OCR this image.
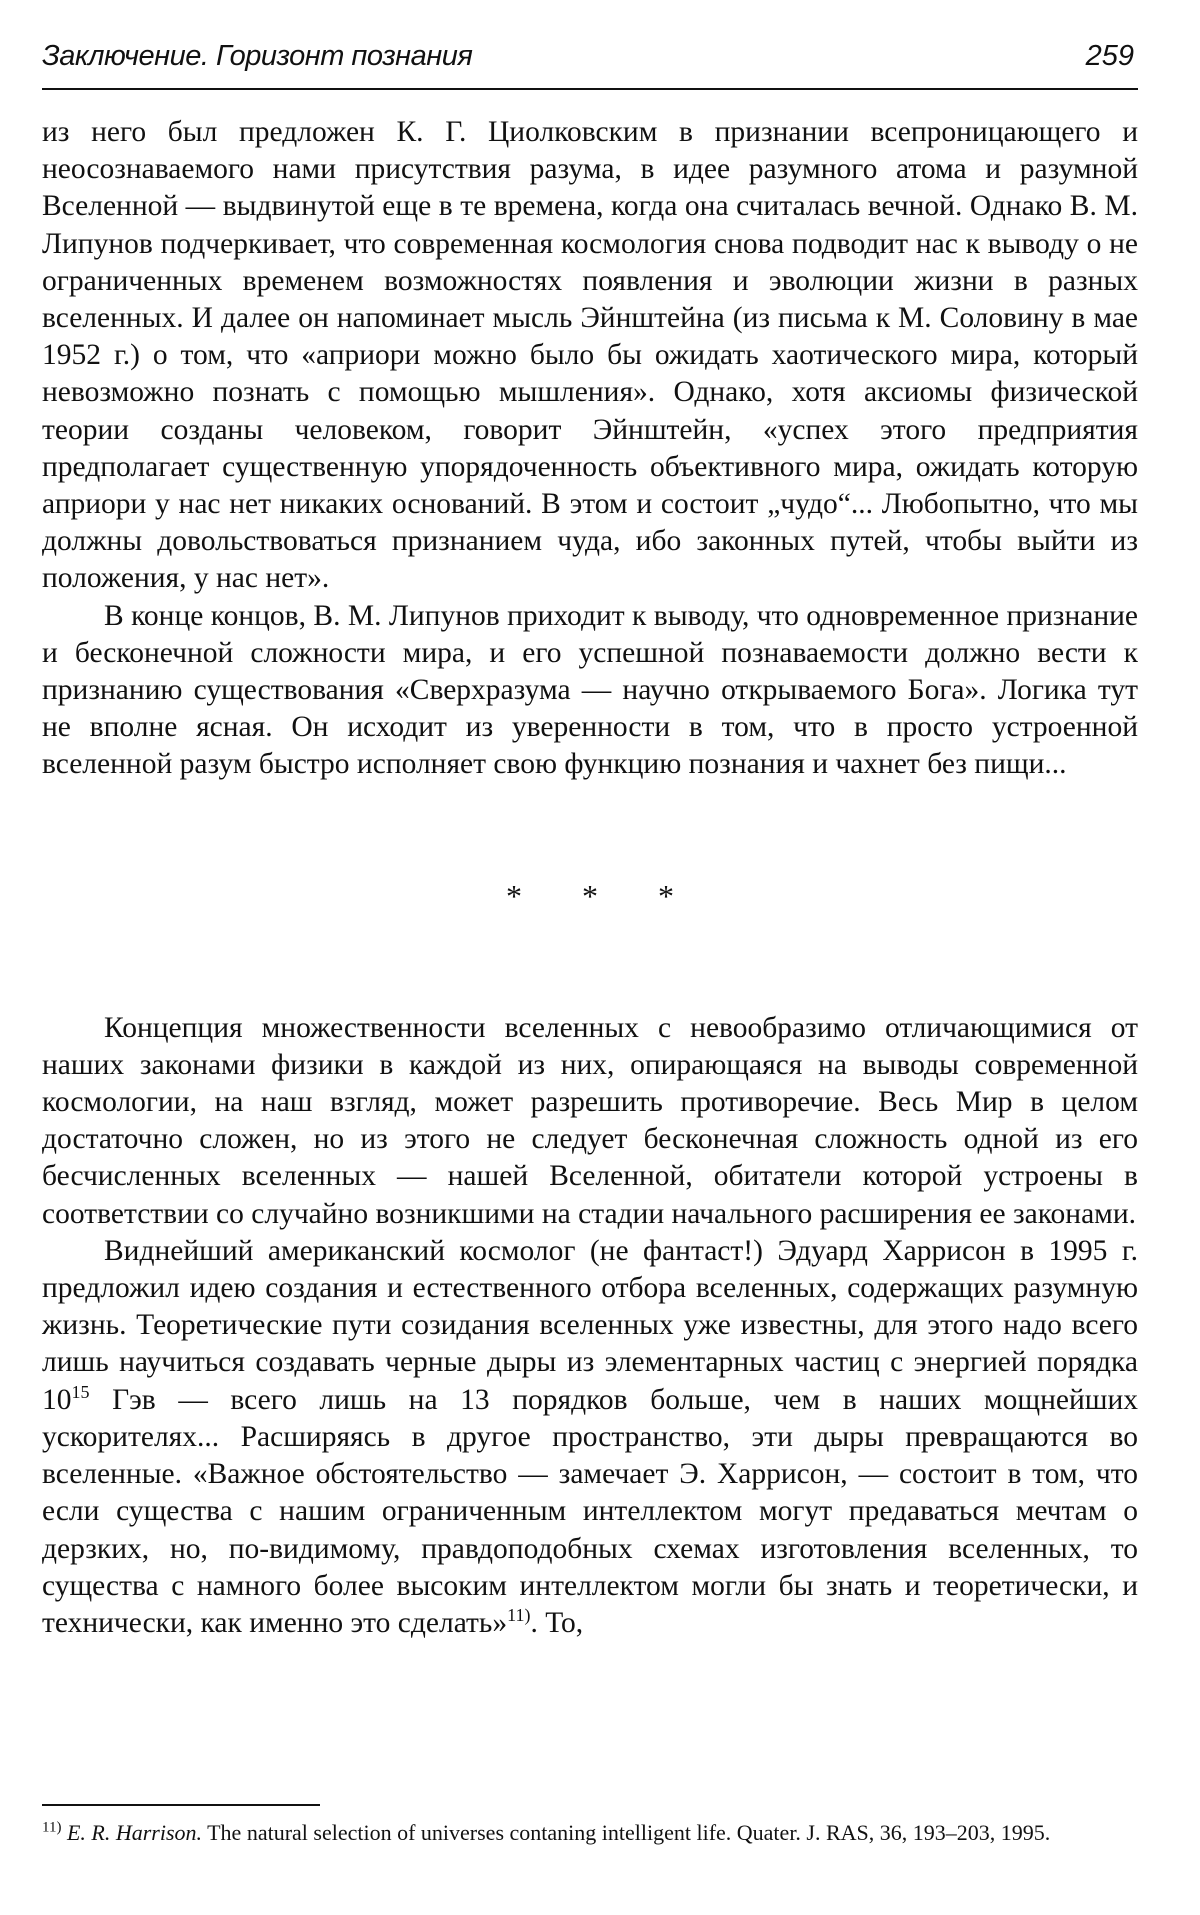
Заключение. Горизонт познания	259

из него был предложен К. Г. Циолковским в признании всепроницающего и неосознаваемого нами присутствия разума, в идее разумного атома и разумной Вселенной — выдвинутой еще в те времена, когда она считалась вечной. Однако В. М. Липунов подчеркивает, что современная космология снова подводит нас к выводу о не ограниченных временем возможностях появления и эволюции жизни в разных вселенных. И далее он напоминает мысль Эйнштейна (из письма к М. Соловину в мае 1952 г.) о том, что «априори можно было бы ожидать хаотического мира, который невозможно познать с помощью мышления». Однако, хотя аксиомы физической теории созданы человеком, говорит Эйнштейн, «успех этого предприятия предполагает существенную упорядоченность объективного мира, ожидать которую априори у нас нет никаких оснований. В этом и состоит „чудо“... Любопытно, что мы должны довольствоваться признанием чуда, ибо законных путей, чтобы выйти из положения, у нас нет».

В конце концов, В. М. Липунов приходит к выводу, что одновременное признание и бесконечной сложности мира, и его успешной познаваемости должно вести к признанию существования «Сверхразума — научно открываемого Бога». Логика тут не вполне ясная. Он исходит из уверенности в том, что в просто устроенной вселенной разум быстро исполняет свою функцию познания и чахнет без пищи...

* * *

Концепция множественности вселенных с невообразимо отличающимися от наших законами физики в каждой из них, опирающаяся на выводы современной космологии, на наш взгляд, может разрешить противоречие. Весь Мир в целом достаточно сложен, но из этого не следует бесконечная сложность одной из его бесчисленных вселенных — нашей Вселенной, обитатели которой устроены в соответствии со случайно возникшими на стадии начального расширения ее законами.

Виднейший американский космолог (не фантаст!) Эдуард Харрисон в 1995 г. предложил идею создания и естественного отбора вселенных, содержащих разумную жизнь. Теоретические пути созидания вселенных уже известны, для этого надо всего лишь научиться создавать черные дыры из элементарных частиц с энергией порядка $10^{15}$ Гэв — всего лишь на 13 порядков больше, чем в наших мощнейших ускорителях... Расширяясь в другое пространство, эти дыры превращаются во вселенные. «Важное обстоятельство — замечает Э. Харрисон, — состоит в том, что если существа с нашим ограниченным интеллектом могут предаваться мечтам о дерзких, но, по-видимому, правдоподобных схемах изготовления вселенных, то существа с намного более высоким интеллектом могли бы знать и теоретически, и технически, как именно это сделать»$^{11)}$. То,

$^{11)}$ E. R. Harrison. The natural selection of universes contaning intelligent life. Quater. J. RAS, 36, 193–203, 1995.
